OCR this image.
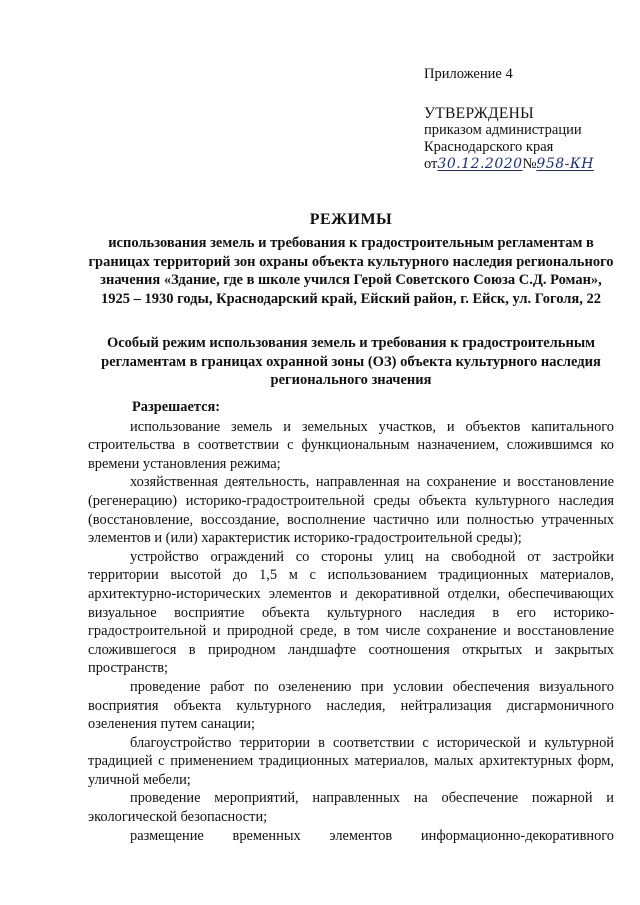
Приложение 4
УТВЕРЖДЕНЫ
приказом администрации
Краснодарского края
от 30.12.2020 № 958-КН
РЕЖИМЫ
использования земель и требования к градостроительным регламентам в границах территорий зон охраны объекта культурного наследия регионального значения «Здание, где в школе учился Герой Советского Союза С.Д. Роман», 1925 – 1930 годы, Краснодарский край, Ейский район, г. Ейск, ул. Гоголя, 22
Особый режим использования земель и требования к градостроительным регламентам в границах охранной зоны (ОЗ) объекта культурного наследия регионального значения
Разрешается:

использование земель и земельных участков, и объектов капитального строительства в соответствии с функциональным назначением, сложившимся ко времени установления режима;

хозяйственная деятельность, направленная на сохранение и восстановление (регенерацию) историко-градостроительной среды объекта культурного наследия (восстановление, воссоздание, восполнение частично или полностью утраченных элементов и (или) характеристик историко-градостроительной среды);

устройство ограждений со стороны улиц на свободной от застройки территории высотой до 1,5 м с использованием традиционных материалов, архитектурно-исторических элементов и декоративной отделки, обеспечивающих визуальное восприятие объекта культурного наследия в его историко-градостроительной и природной среде, в том числе сохранение и восстановление сложившегося в природном ландшафте соотношения открытых и закрытых пространств;

проведение работ по озеленению при условии обеспечения визуального восприятия объекта культурного наследия, нейтрализация дисгармоничного озеленения путем санации;

благоустройство территории в соответствии с исторической и культурной традицией с применением традиционных материалов, малых архитектурных форм, уличной мебели;

проведение мероприятий, направленных на обеспечение пожарной и экологической безопасности;

размещение временных элементов информационно-декоративного
